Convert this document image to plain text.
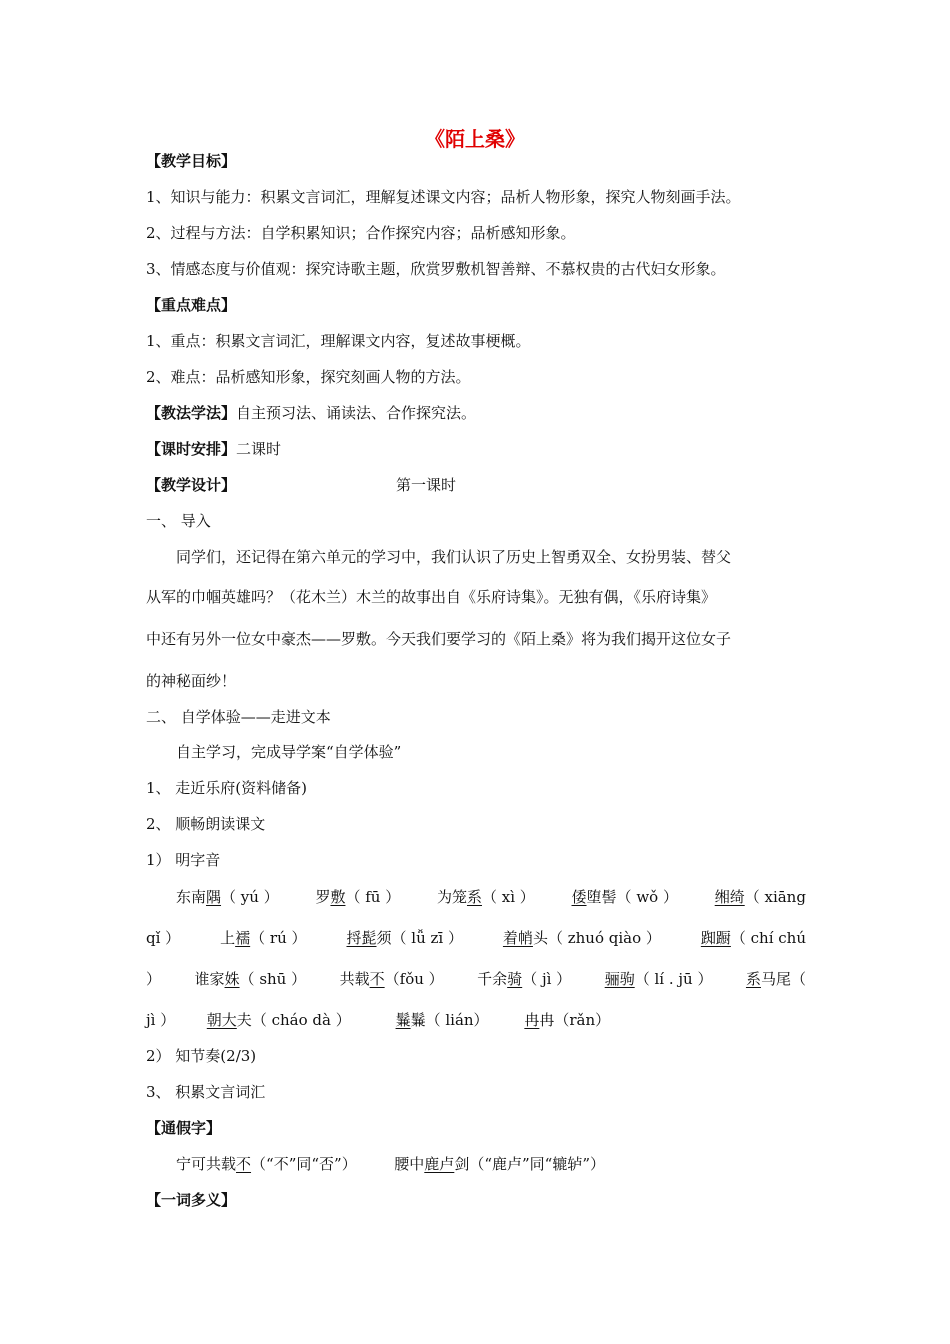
《陌上桑》
【教学目标】
1、知识与能力：积累文言词汇，理解复述课文内容；品析人物形象，探究人物刻画手法。
2、过程与方法：自学积累知识；合作探究内容；品析感知形象。
3、情感态度与价值观：探究诗歌主题，欣赏罗敷机智善辩、不慕权贵的古代妇女形象。
【重点难点】
1、重点：积累文言词汇，理解课文内容，复述故事梗概。
2、难点：品析感知形象，探究刻画人物的方法。
【教法学法】自主预习法、诵读法、合作探究法。
【课时安排】二课时
【教学设计】	第一课时
一、 导入
同学们，还记得在第六单元的学习中，我们认识了历史上智勇双全、女扮男装、替父
从军的巾帼英雄吗？（花木兰）木兰的故事出自《乐府诗集》。无独有偶，《乐府诗集》
中还有另外一位女中豪杰——罗敷。今天我们要学习的《陌上桑》将为我们揭开这位女子
的神秘面纱！
二、 自学体验——走进文本
自主学习，完成导学案“自学体验”
1、 走近乐府(资料储备)
2、 顺畅朗读课文
1） 明字音
东南隅（ yú ） 罗敷（ fū ） 为笼系（ xì ） 倭堕髻（ wǒ ） 缃绮（ xiāng
qǐ ）	上襦（ rú ）	捋髭须（ lǚ zī ）	着帩头（ zhuó qiào ）	踟蹰（ chí chú
） 谁家姝（ shū ） 共载不（fǒu ） 千余骑（ jì ） 骊驹（ lí . jū ） 系马尾（
jì ） 朝大夫（ cháo dà ）	鬑鬑（ lián） 冉冉（rǎn）
2） 知节奏(2/3)
3、 积累文言词汇
【通假字】
宁可共载不（“不”同“否”）	腰中鹿卢剑（“鹿卢”同“辘轳”）
【一词多义】
